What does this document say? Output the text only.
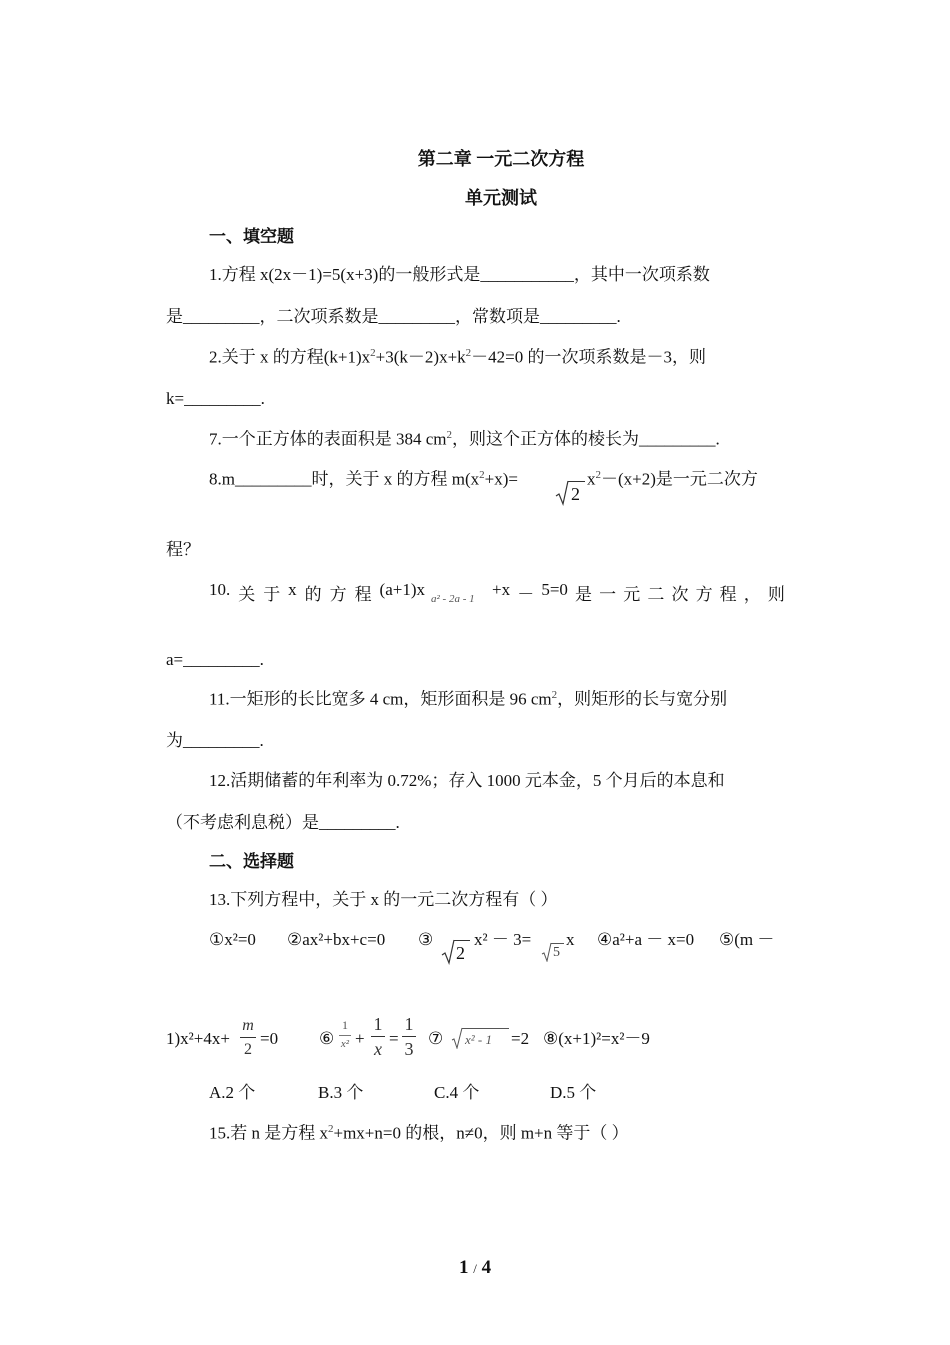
第二章 一元二次方程
单元测试
一、填空题
1.方程 x(2x－1)=5(x+3)的一般形式是___________，其中一次项系数
是_________，二次项系数是_________，常数项是_________.
2.关于 x 的方程$(k+1)x^2+3(k-2)x+k^2-42=0$ 的一次项系数是－3，则
k=_________.
7.一个正方体的表面积是 384 $cm^2$，则这个正方体的棱长为_________.
8.m_________时，关于 x 的方程 $m(x^2+x)=$
2
$x^2-(x+2)$是一元二次方
程？
10. 关 于 x 的 方 程 (a+1)x a² - 2a - 1 +x － 5=0 是 一 元 二 次 方 程 ， 则
a=_________.
11.一矩形的长比宽多 4 cm，矩形面积是 96 $cm^2$，则矩形的长与宽分别
为_________.
12.活期储蓄的年利率为 0.72%；存入 1000 元本金，5 个月后的本息和
（不考虑利息税）是_________.
二、选择题
13.下列方程中，关于 x 的一元二次方程有（ ）
①x²=0 ②ax²+bx+c=0 ③
2
x² － 3=
5
x ④a²+a － x=0 ⑤(m －
1)x²+4x+
m
2
=0 ⑥
1
x² +
1
x
=
1
3
⑦ x² - 1 =2 ⑧(x+1)²=x²－9
A.2 个	B.3 个	C.4 个	D.5 个
15.若 n 是方程 $x^2+mx+n=0$ 的根，n≠0，则 m+n 等于（ ）
1 / 4
